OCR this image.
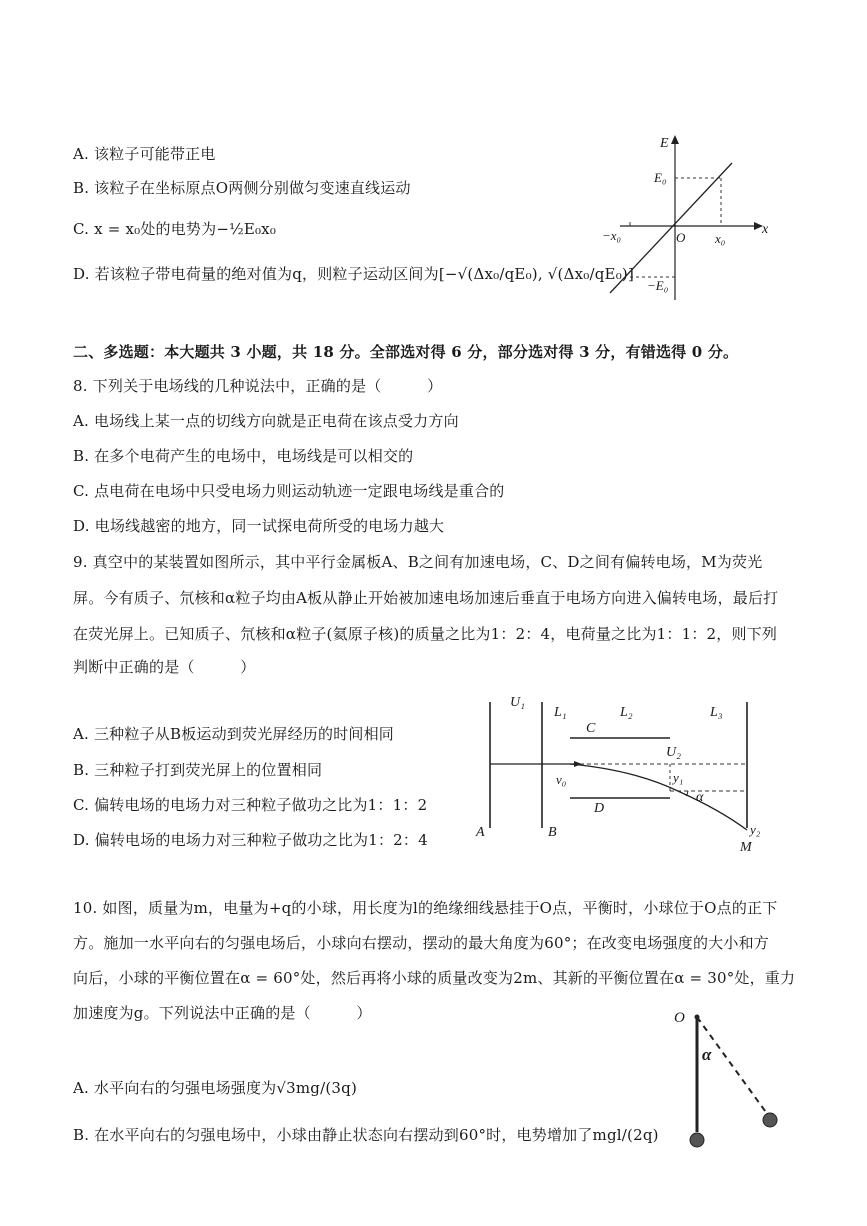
A. 该粒子可能带正电
B. 该粒子在坐标原点O两侧分别做匀变速直线运动
C. x = x₀处的电势为−½E₀x₀
D. 若该粒子带电荷量的绝对值为q，则粒子运动区间为[−√(Δx₀/qE₀), √(Δx₀/qE₀)]
E
x
E₀
−E₀
x₀
−x₀	O
二、多选题：本大题共 3 小题，共 18 分。全部选对得 6 分，部分选对得 3 分，有错选得 0 分。
8. 下列关于电场线的几种说法中，正确的是（　　　）
A. 电场线上某一点的切线方向就是正电荷在该点受力方向
B. 在多个电荷产生的电场中，电场线是可以相交的
C. 点电荷在电场中只受电场力则运动轨迹一定跟电场线是重合的
D. 电场线越密的地方，同一试探电荷所受的电场力越大
9. 真空中的某装置如图所示，其中平行金属板A、B之间有加速电场，C、D之间有偏转电场，M为荧光
屏。今有质子、氘核和α粒子均由A板从静止开始被加速电场加速后垂直于电场方向进入偏转电场，最后打
在荧光屏上。已知质子、氘核和α粒子(氦原子核)的质量之比为1：2：4，电荷量之比为1：1：2，则下列
判断中正确的是（　　　）
A. 三种粒子从B板运动到荧光屏经历的时间相同
B. 三种粒子打到荧光屏上的位置相同
C. 偏转电场的电场力对三种粒子做功之比为1：1：2
D. 偏转电场的电场力对三种粒子做功之比为1：2：4
U₁
L₁	L₂	L₃
C
U₂
y₁
v₀
α
D
A	B	y₂
M
10. 如图，质量为m，电量为+q的小球，用长度为l的绝缘细线悬挂于O点，平衡时，小球位于O点的正下
方。施加一水平向右的匀强电场后，小球向右摆动，摆动的最大角度为60°；在改变电场强度的大小和方
向后，小球的平衡位置在α = 60°处，然后再将小球的质量改变为2m、其新的平衡位置在α = 30°处，重力
加速度为g。下列说法中正确的是（　　　）
A. 水平向右的匀强电场强度为√3mg/(3q)
B. 在水平向右的匀强电场中，小球由静止状态向右摆动到60°时，电势增加了mgl/(2q)
O
α
